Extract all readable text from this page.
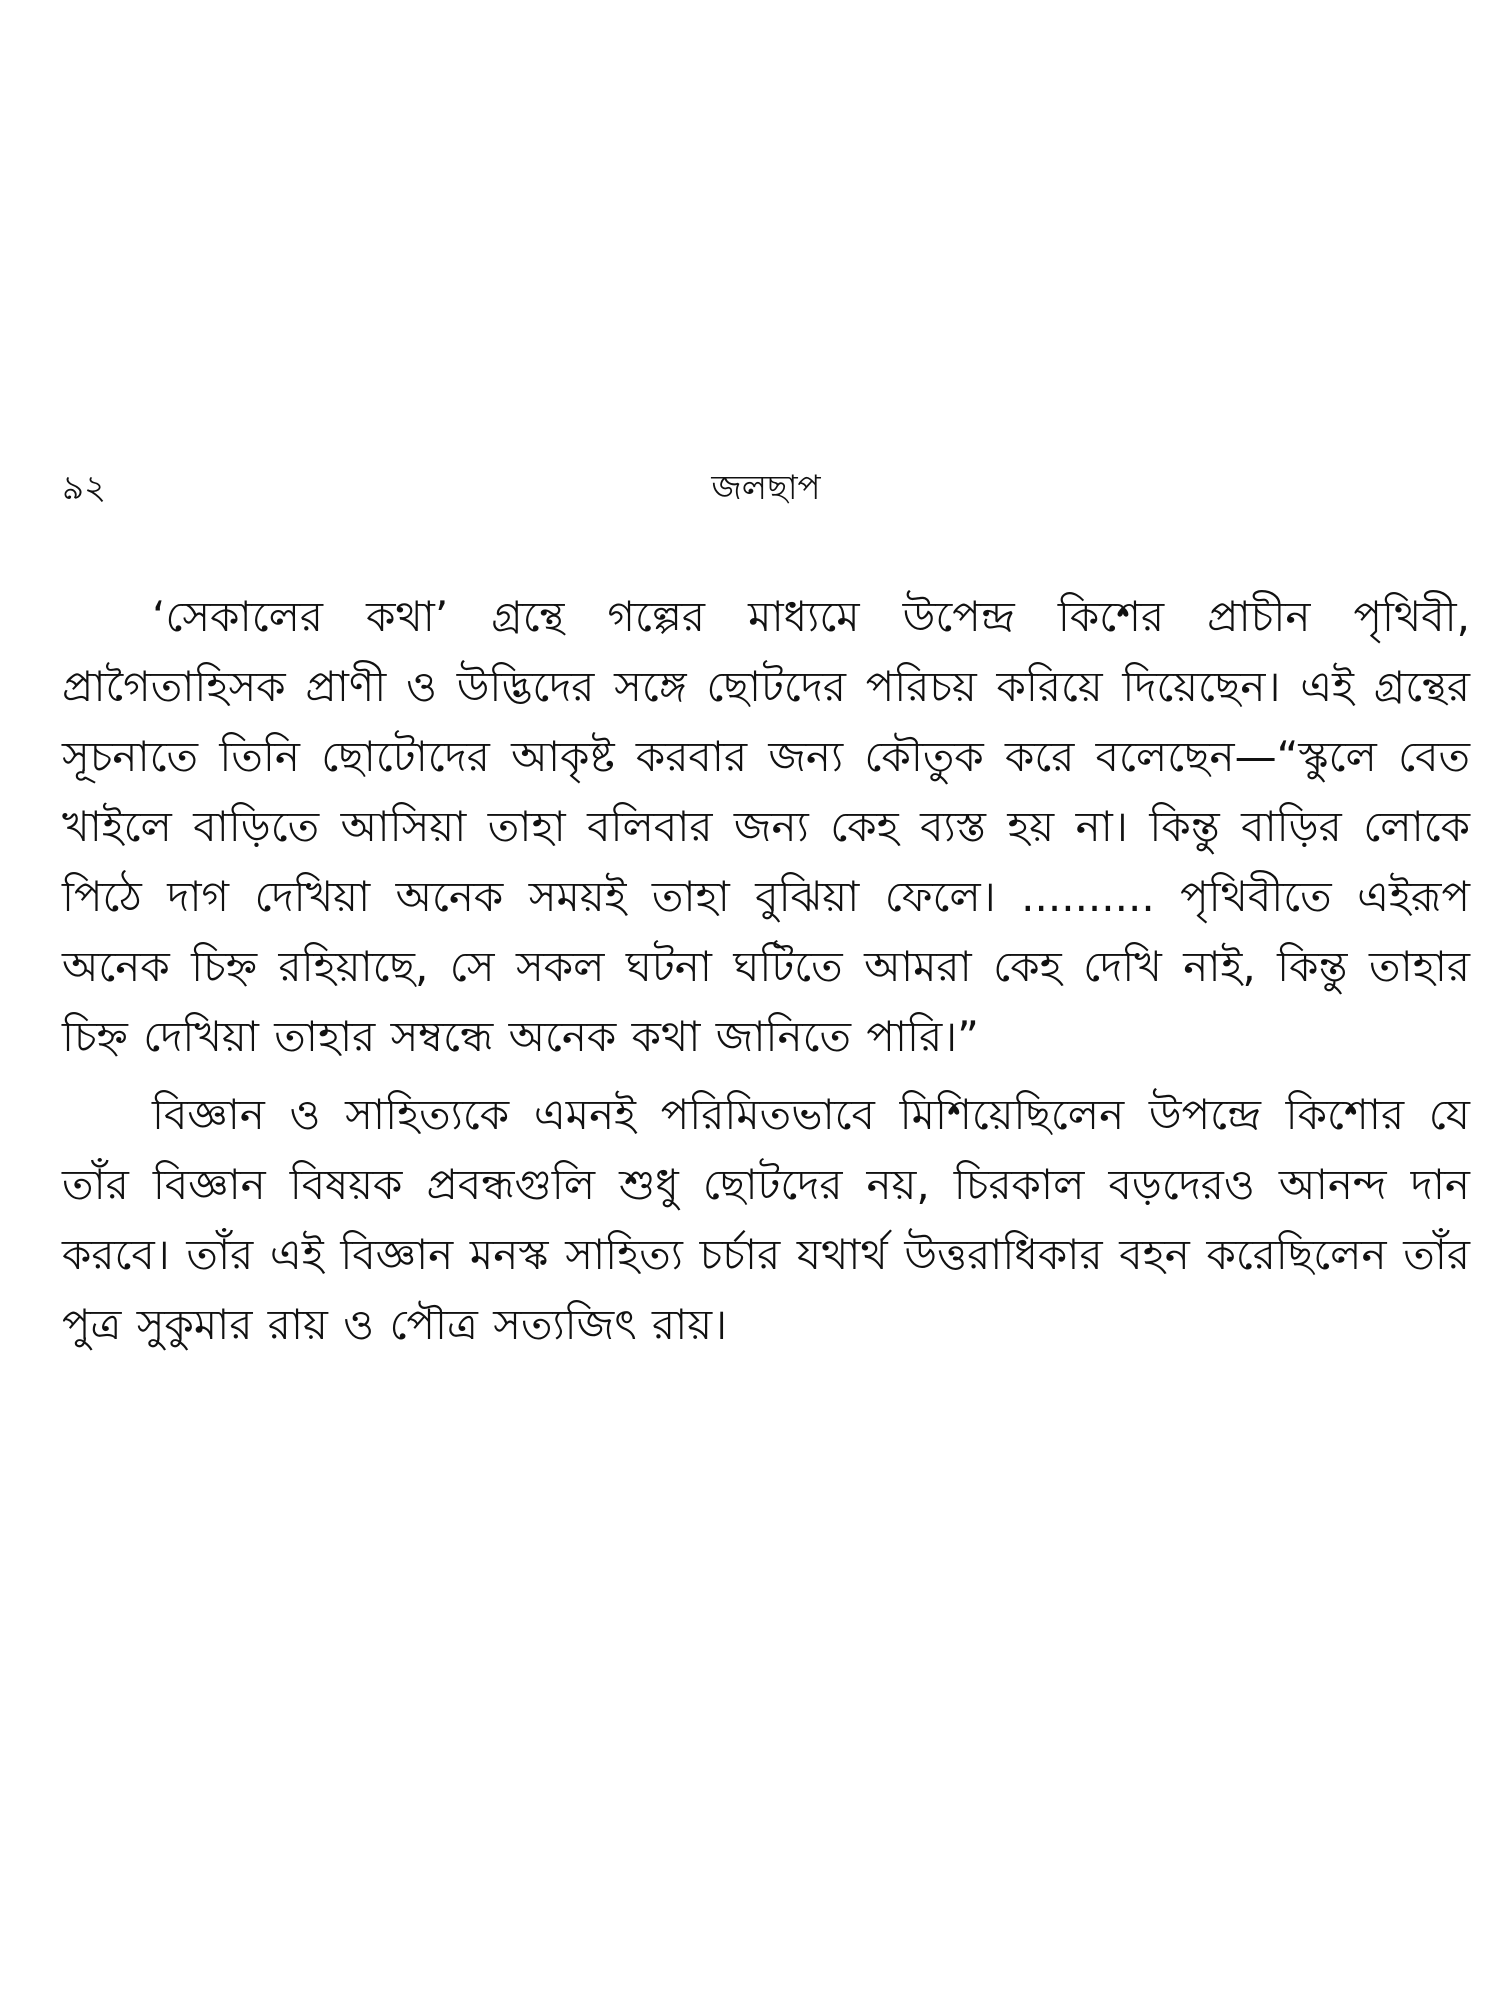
৯২	জলছাপ

‘সেকালের কথা’ গ্রন্থে গল্পের মাধ্যমে উপেন্দ্র কিশের প্রাচীন পৃথিবী, প্রাগৈতাহিসক প্রাণী ও উদ্ভিদের সঙ্গে ছোটদের পরিচয় করিয়ে দিয়েছেন। এই গ্রন্থের সূচনাতে তিনি ছোটোদের আকৃষ্ট করবার জন্য কৌতুক করে বলেছেন—“স্কুলে বেত খাইলে বাড়িতে আসিয়া তাহা বলিবার জন্য কেহ ব্যস্ত হয় না। কিন্তু বাড়ির লোকে পিঠে দাগ দেখিয়া অনেক সময়ই তাহা বুঝিয়া ফেলে। .......... পৃথিবীতে এইরূপ অনেক চিহ্ন রহিয়াছে, সে সকল ঘটনা ঘটিতে আমরা কেহ দেখি নাই, কিন্তু তাহার চিহ্ন দেখিয়া তাহার সম্বন্ধে অনেক কথা জানিতে পারি।”

বিজ্ঞান ও সাহিত্যকে এমনই পরিমিতভাবে মিশিয়েছিলেন উপন্দ্রে কিশোর যে তাঁর বিজ্ঞান বিষয়ক প্রবন্ধগুলি শুধু ছোটদের নয়, চিরকাল বড়দেরও আনন্দ দান করবে। তাঁর এই বিজ্ঞান মনস্ক সাহিত্য চর্চার যথার্থ উত্তরাধিকার বহন করেছিলেন তাঁর পুত্র সুকুমার রায় ও পৌত্র সত্যজিৎ রায়।
